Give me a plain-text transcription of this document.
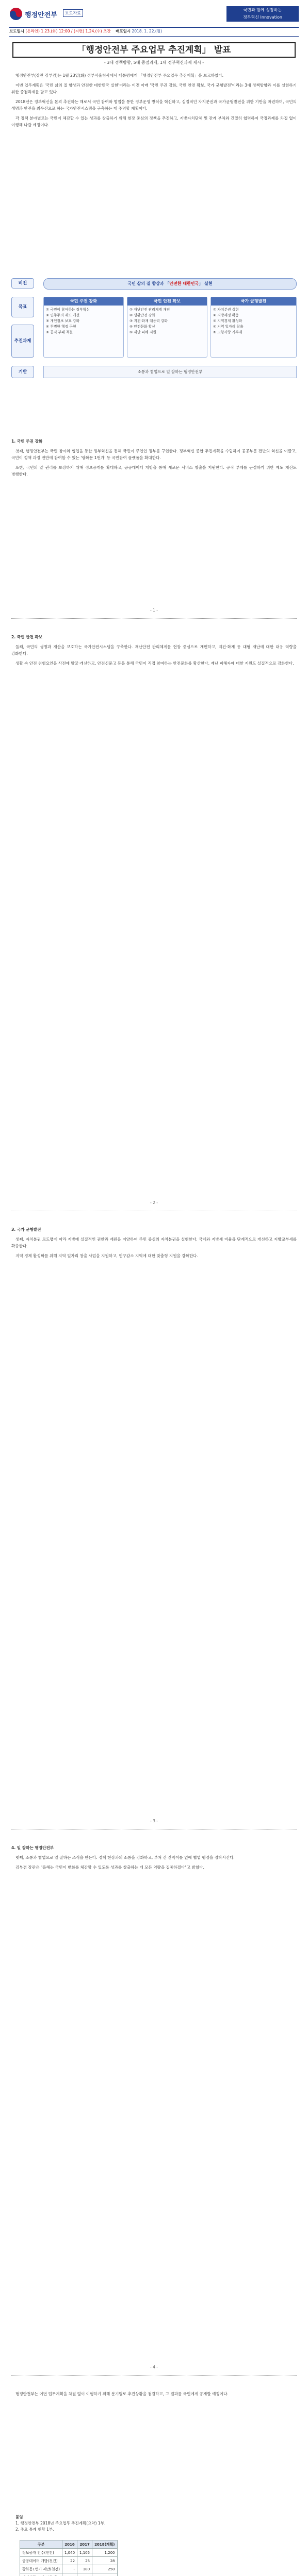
행정안전부	보도자료
국민과 함께 성장하는
정부혁신 Innovation
보도일시 (온라인) 1.23.(화) 12:00 / (지면) 1.24.(수) 조간 배포일시 2018. 1. 22.(월)
「행정안전부 주요업무 추진계획」 발표
- 3대 정책방향, 5대 중점과제, 1대 정부혁신과제 제시 -

행정안전부(장관 김부겸)는 1월 23일(화) 정부서울청사에서 대통령에게 「행정안전부 주요업무 추진계획」을 보고하였다.

이번 업무계획은 '국민 삶의 질 향상과 안전한 대한민국 실현'이라는 비전 아래 '국민 주권 강화, 국민 안전 확보, 국가 균형발전'이라는 3대 정책방향과 이를 실현하기 위한 중점과제를 담고 있다.

2018년은 정부혁신을 본격 추진하는 해로서 국민 참여와 협업을 통한 정부운영 방식을 혁신하고, 실질적인 자치분권과 국가균형발전을 위한 기반을 마련하며, 국민의 생명과 안전을 최우선으로 하는 국가안전시스템을 구축하는 데 주력할 계획이다.

각 정책 분야별로는 국민이 체감할 수 있는 성과를 창출하기 위해 현장 중심의 정책을 추진하고, 지방자치단체 및 관계 부처와 긴밀히 협력하여 국정과제를 차질 없이 이행해 나갈 예정이다.

비전
목표
추진과제
기반
국민 삶의 질 향상과 「안전한 대한민국」 실현
국민 주권 강화
① 국민이 참여하는 정부혁신
② 민주주의 제도 개선
③ 개인정보 보호 강화
④ 투명한 행정 구현
⑤ 공직 부패 척결
국민 안전 확보
① 재난안전 관리체계 개편
② 생활안전 강화
③ 지진·화재 대응력 강화
④ 안전문화 확산
⑤ 재난 피해 지원
국가 균형발전
① 자치분권 실현
② 지방재정 확충
③ 지역경제 활성화
④ 지역 일자리 창출
⑤ 고향사랑 기부제
소통과 협업으로 일 잘하는 행정안전부

1. 국민 주권 강화

첫째, 행정안전부는 국민 참여와 협업을 통한 정부혁신을 통해 국민이 주인인 정부를 구현한다. 정부혁신 종합 추진계획을 수립하여 공공부문 전반의 혁신을 이끌고, 국민이 정책 과정 전반에 참여할 수 있는 '광화문 1번가' 등 국민참여 플랫폼을 확대한다.

또한, 국민의 알 권리를 보장하기 위해 정보공개를 확대하고, 공공데이터 개방을 통해 새로운 서비스 창출을 지원한다. 공직 부패를 근절하기 위한 제도 개선도 병행한다.

- 1 -

2. 국민 안전 확보

둘째, 국민의 생명과 재산을 보호하는 국가안전시스템을 구축한다. 재난안전 관리체계를 현장 중심으로 개편하고, 지진·화재 등 대형 재난에 대한 대응 역량을 강화한다.

생활 속 안전 위험요인을 사전에 발굴·개선하고, 안전신문고 등을 통해 국민이 직접 참여하는 안전문화를 확산한다. 재난 피해자에 대한 지원도 실질적으로 강화한다.

- 2 -

3. 국가 균형발전

셋째, 자치분권 로드맵에 따라 지방에 실질적인 권한과 재원을 이양하여 주민 중심의 자치분권을 실현한다. 국세와 지방세 비율을 단계적으로 개선하고 지방교부세를 확충한다.

지역 경제 활성화를 위해 지역 일자리 창출 사업을 지원하고, 인구감소 지역에 대한 맞춤형 지원을 강화한다.

- 3 -

4. 일 잘하는 행정안전부

넷째, 소통과 협업으로 일 잘하는 조직을 만든다. 정책 현장과의 소통을 강화하고, 부처 간 칸막이를 없애 협업 행정을 정착시킨다.

김부겸 장관은 "올해는 국민이 변화를 체감할 수 있도록 성과를 창출하는 데 모든 역량을 집중하겠다"고 밝혔다.

- 4 -

행정안전부는 이번 업무계획을 차질 없이 이행하기 위해 분기별로 추진상황을 점검하고, 그 결과를 국민에게 공개할 예정이다.

붙임
1. 행정안전부 2018년 주요업무 추진계획(요약) 1부.
2. 주요 통계 현황 1부.
구분	2016	2017	2018(계획)
정보공개 건수(천건)	1,040	1,105	1,200
공공데이터 개방(천건)	22	25	28
광화문1번가 제안(천건)	-	180	250
